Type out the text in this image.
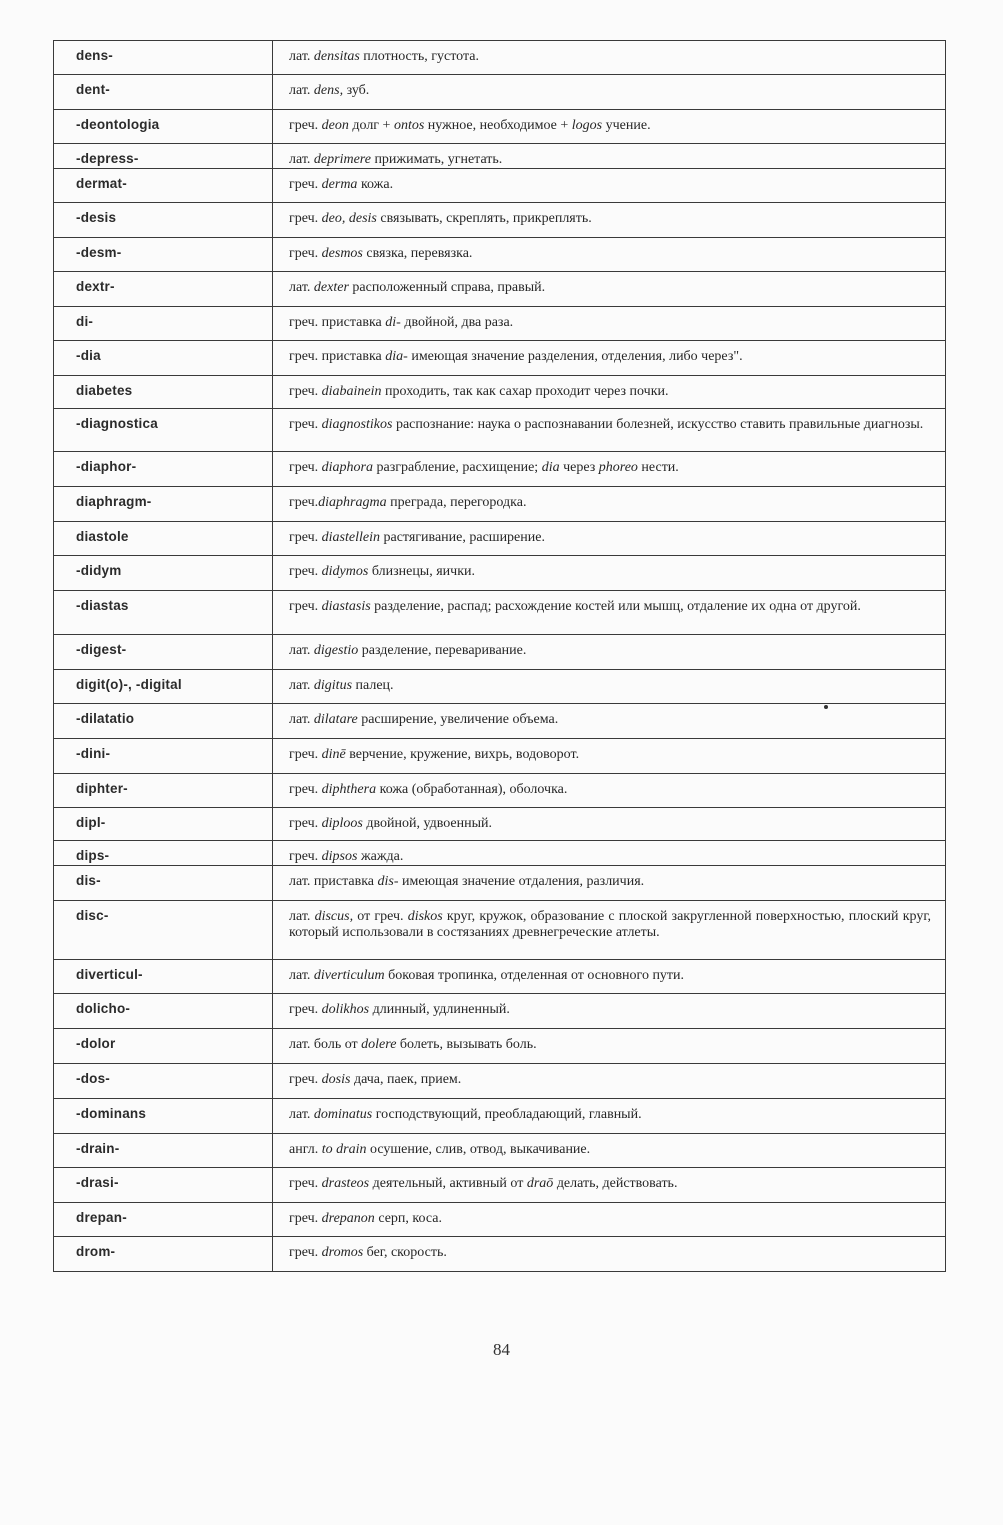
dens-	лат. densitas плотность, густота.
dent-	лат. dens, зуб.
-deontologia	греч. deon долг + ontos нужное, необходимое + logos учение.
-depress-	лат. deprimere прижимать, угнетать.
dermat-	греч. derma кожа.
-desis	греч. deo, desis связывать, скреплять, прикреплять.
-desm-	греч. desmos связка, перевязка.
dextr-	лат. dexter расположенный справа, правый.
di-	греч. приставка di- двойной, два раза.
-dia	греч. приставка dia- имеющая значение разделения, отделения, либо через".
diabetes	греч. diabainein проходить, так как сахар проходит через почки.
-diagnostica	греч. diagnostikos распознание: наука о распознавании болезней, искусство ставить правильные диагнозы.
-diaphor-	греч. diaphora разграбление, расхищение; dia через phoreo нести.
diaphragm-	греч.diaphragma преграда, перегородка.
diastole	греч. diastellein растягивание, расширение.
-didym	греч. didymos близнецы, яички.
-diastas	греч. diastasis разделение, распад; расхождение костей или мышц, отдаление их одна от другой.
-digest-	лат. digestio разделение, переваривание.
digit(o)-, -digital	лат. digitus палец.
-dilatatio	лат. dilatare расширение, увеличение объема.
-dini-	греч. dinē верчение, кружение, вихрь, водоворот.
diphter-	греч. diphthera кожа (обработанная), оболочка.
dipl-	греч. diploos двойной, удвоенный.
dips-	греч. dipsos жажда.
dis-	лат. приставка dis- имеющая значение отдаления, различия.
disc-	лат. discus, от греч. diskos круг, кружок, образование с плоской закругленной поверхностью, плоский круг, который использовали в состязаниях древнегреческие атлеты.
diverticul-	лат. diverticulum боковая тропинка, отделенная от основного пути.
dolicho-	греч. dolikhos длинный, удлиненный.
-dolor	лат. боль от dolere болеть, вызывать боль.
-dos-	греч. dosis дача, паек, прием.
-dominans	лат. dominatus господствующий, преобладающий, главный.
-drain-	англ. to drain осушение, слив, отвод, выкачивание.
-drasi-	греч. drasteos деятельный, активный от draō делать, действовать.
drepan-	греч. drepanon серп, коса.
drom-	греч. dromos бег, скорость.
84
